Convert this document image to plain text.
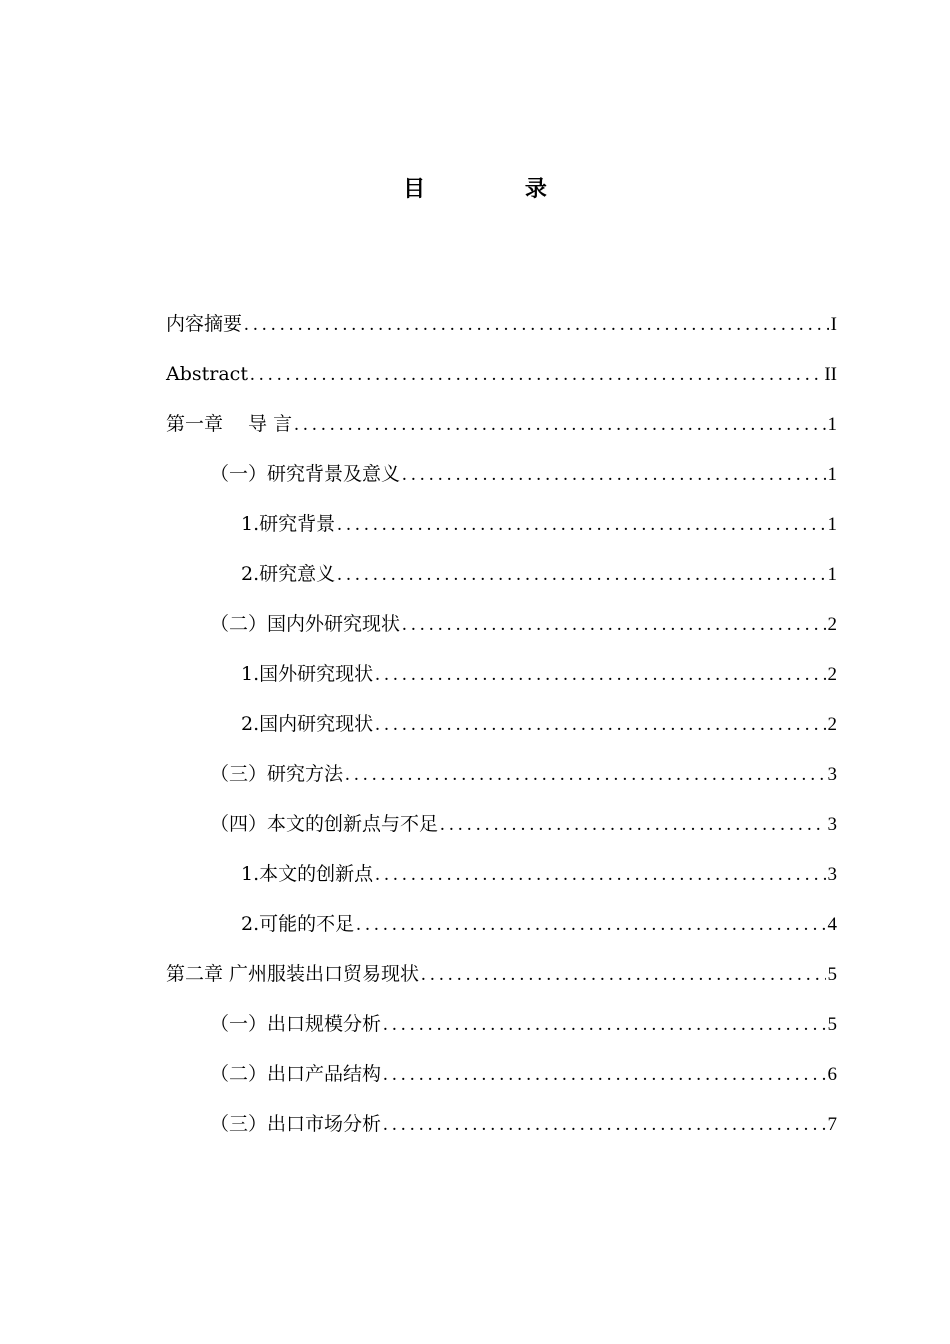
目 录
内容摘要 .....	I
Abstract .....	II
第一章　 导 言 .....	1
（一）研究背景及意义 .....	1
1.研究背景 .....	1
2.研究意义 .....	1
（二）国内外研究现状 .....	2
1.国外研究现状 .....	2
2.国内研究现状 .....	2
（三）研究方法 .....	3
（四）本文的创新点与不足 .....	3
1.本文的创新点 .....	3
2.可能的不足 .....	4
第二章 广州服装出口贸易现状 .....	5
（一）出口规模分析 .....	5
（二）出口产品结构 .....	6
（三）出口市场分析 .....	7
